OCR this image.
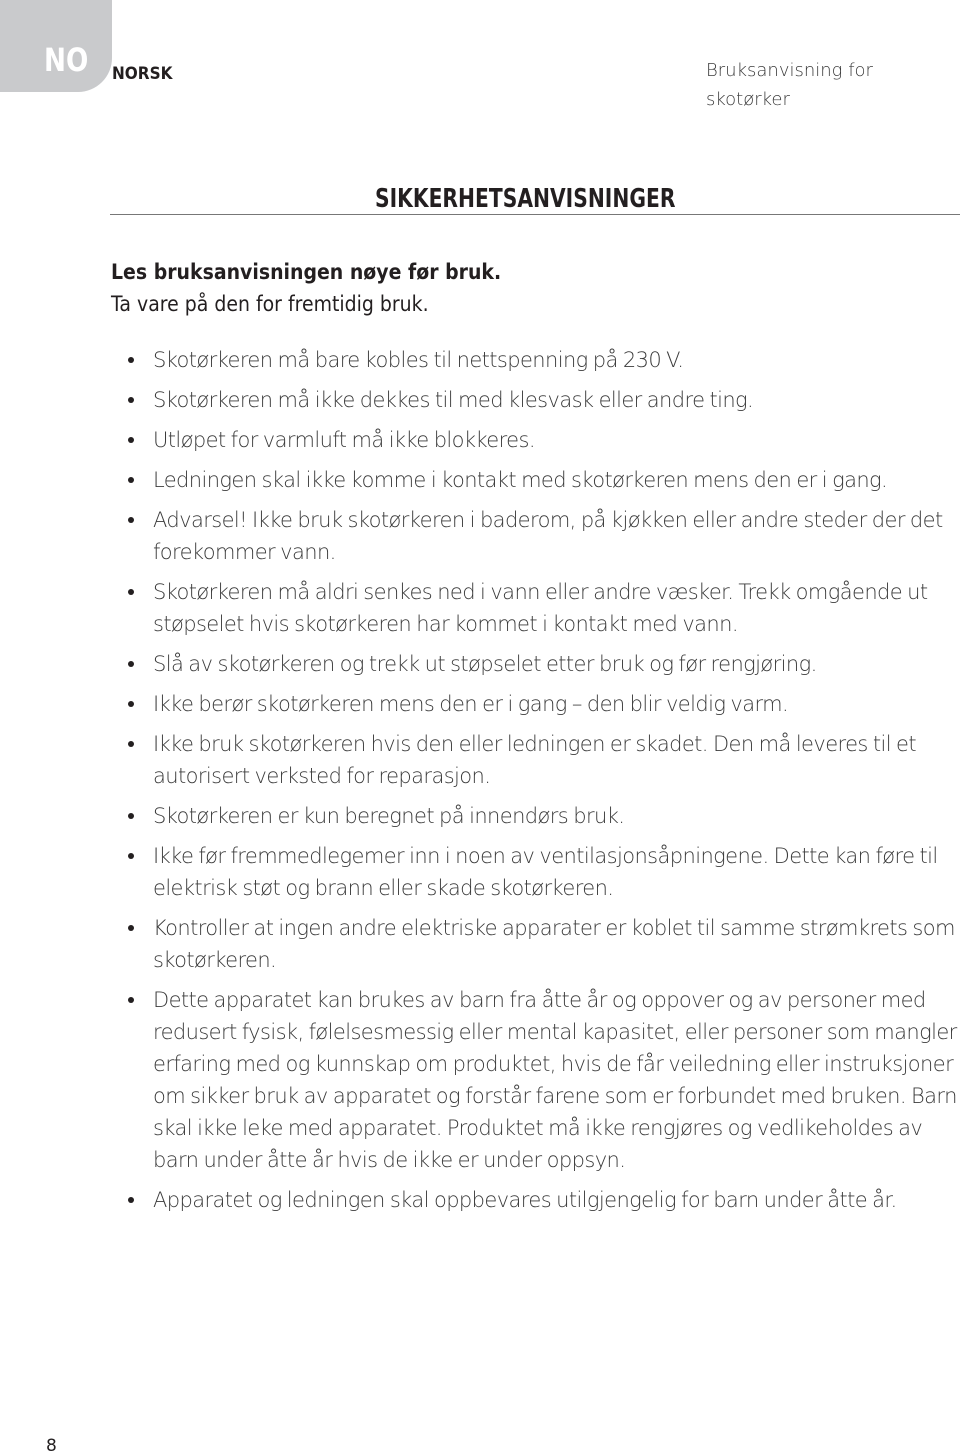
NO NORSK	Bruksanvisning for skotørker
SIKKERHETSANVISNINGER
Les bruksanvisningen nøye før bruk.
Ta vare på den for fremtidig bruk.
Skotørkeren må bare kobles til nettspenning på 230 V.
Skotørkeren må ikke dekkes til med klesvask eller andre ting.
Utløpet for varmluft må ikke blokkeres.
Ledningen skal ikke komme i kontakt med skotørkeren mens den er i gang.
Advarsel! Ikke bruk skotørkeren i baderom, på kjøkken eller andre steder der det forekommer vann.
Skotørkeren må aldri senkes ned i vann eller andre væsker. Trekk omgående ut støpselet hvis skotørkeren har kommet i kontakt med vann.
Slå av skotørkeren og trekk ut støpselet etter bruk og før rengjøring.
Ikke berør skotørkeren mens den er i gang – den blir veldig varm.
Ikke bruk skotørkeren hvis den eller ledningen er skadet. Den må leveres til et autorisert verksted for reparasjon.
Skotørkeren er kun beregnet på innendørs bruk.
Ikke før fremmedlegemer inn i noen av ventilasjonsåpningene. Dette kan føre til elektrisk støt og brann eller skade skotørkeren.
Kontroller at ingen andre elektriske apparater er koblet til samme strømkrets som skotørkeren.
Dette apparatet kan brukes av barn fra åtte år og oppover og av personer med redusert fysisk, følelsesmessig eller mental kapasitet, eller personer som mangler erfaring med og kunnskap om produktet, hvis de får veiledning eller instruksjoner om sikker bruk av apparatet og forstår farene som er forbundet med bruken. Barn skal ikke leke med apparatet. Produktet må ikke rengjøres og vedlikeholdes av barn under åtte år hvis de ikke er under oppsyn.
Apparatet og ledningen skal oppbevares utilgjengelig for barn under åtte år.
8
